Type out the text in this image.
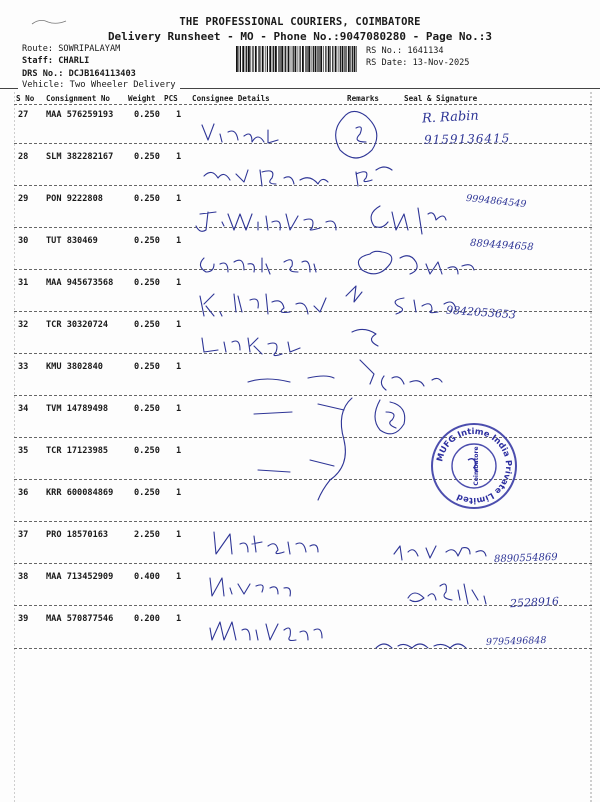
THE PROFESSIONAL COURIERS, COIMBATORE
Delivery Runsheet - MO - Phone No.:9047080280 - Page No.:3
Route: SOWRIPALAYAM
Staff: CHARLI
DRS No.: DCJB164113403
RS No.: 1641134
RS Date: 13-Nov-2025
S No Consignment No Weight PCS Consignee Details	Remarks	Seal & Signature
27 MAA 576259193 0.250 1
28 SLM 382282167 0.250 1
29 PON 9222808	0.250 1
30 TUT 830469	0.250 1
31 MAA 945673568 0.250 1
32 TCR 30320724	0.250 1
33 KMU 3802840	0.250 1
34 TVM 14789498	0.250 1
35 TCR 17123985	0.250 1
36 KRR 600084869 0.250 1
37 PRO 18570163	2.250 1
38 MAA 713452909 0.400 1
39 MAA 570877546 0.200 1
Vehicle: Two Wheeler Delivery
R. Rabin
9159136415
9994864549
8894494658
9842053653
8890554869
2528916
9795496848
MUFG Intime India Private Limited
Coimbatore
